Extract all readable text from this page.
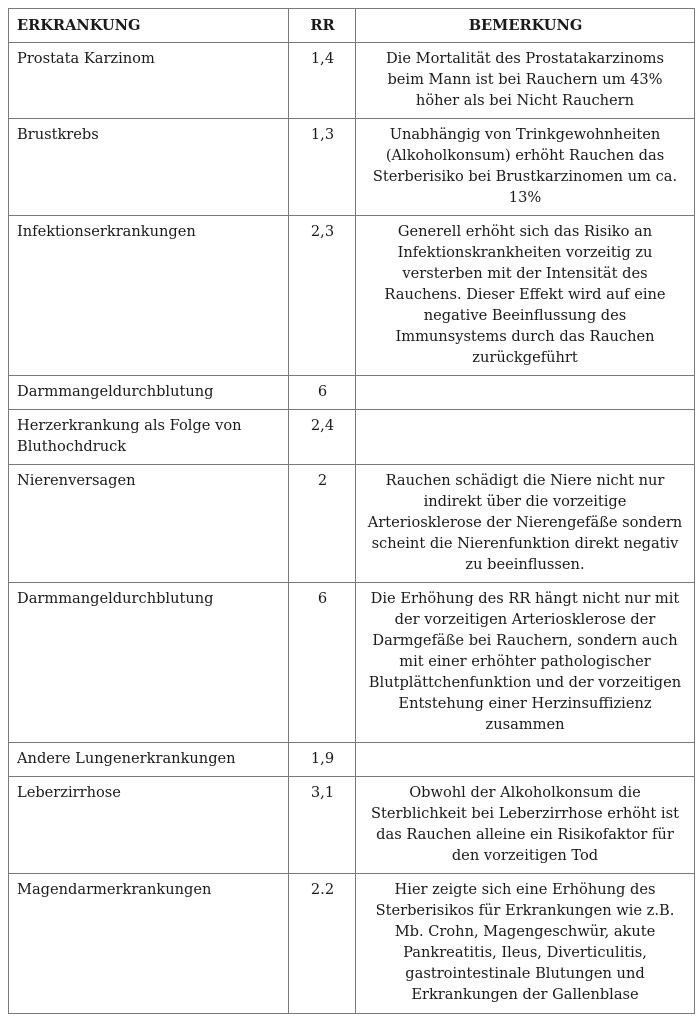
ERKRANKUNG	RR	BEMERKUNG
Prostata Karzinom	1,4	Die Mortalität des Prostatakarzinoms beim Mann ist bei Rauchern um 43% höher als bei Nicht Rauchern
Brustkrebs	1,3	Unabhängig von Trinkgewohnheiten (Alkoholkonsum) erhöht Rauchen das Sterberisiko bei Brustkarzinomen um ca. 13%
Infektionserkrankungen	2,3	Generell erhöht sich das Risiko an Infektionskrankheiten vorzeitig zu versterben mit der Intensität des Rauchens. Dieser Effekt wird auf eine negative Beeinflussung des Immunsystems durch das Rauchen zurückgeführt
Darmmangeldurchblutung	6	
Herzerkrankung als Folge von Bluthochdruck	2,4	
Nierenversagen	2	Rauchen schädigt die Niere nicht nur indirekt über die vorzeitige Arteriosklerose der Nierengefäße sondern scheint die Nierenfunktion direkt negativ zu beeinflussen.
Darmmangeldurchblutung	6	Die Erhöhung des RR hängt nicht nur mit der vorzeitigen Arteriosklerose der Darmgefäße bei Rauchern, sondern auch mit einer erhöhter pathologischer Blutplättchenfunktion und der vorzeitigen Entstehung einer Herzinsuffizienz zusammen
Andere Lungenerkrankungen	1,9	
Leberzirrhose	3,1	Obwohl der Alkoholkonsum die Sterblichkeit bei Leberzirrhose erhöht ist das Rauchen alleine ein Risikofaktor für den vorzeitigen Tod
Magendarmerkrankungen	2.2	Hier zeigte sich eine Erhöhung des Sterberisikos für Erkrankungen wie z.B. Mb. Crohn, Magengeschwür, akute Pankreatitis, Ileus, Diverticulitis, gastrointestinale Blutungen und Erkrankungen der Gallenblase
